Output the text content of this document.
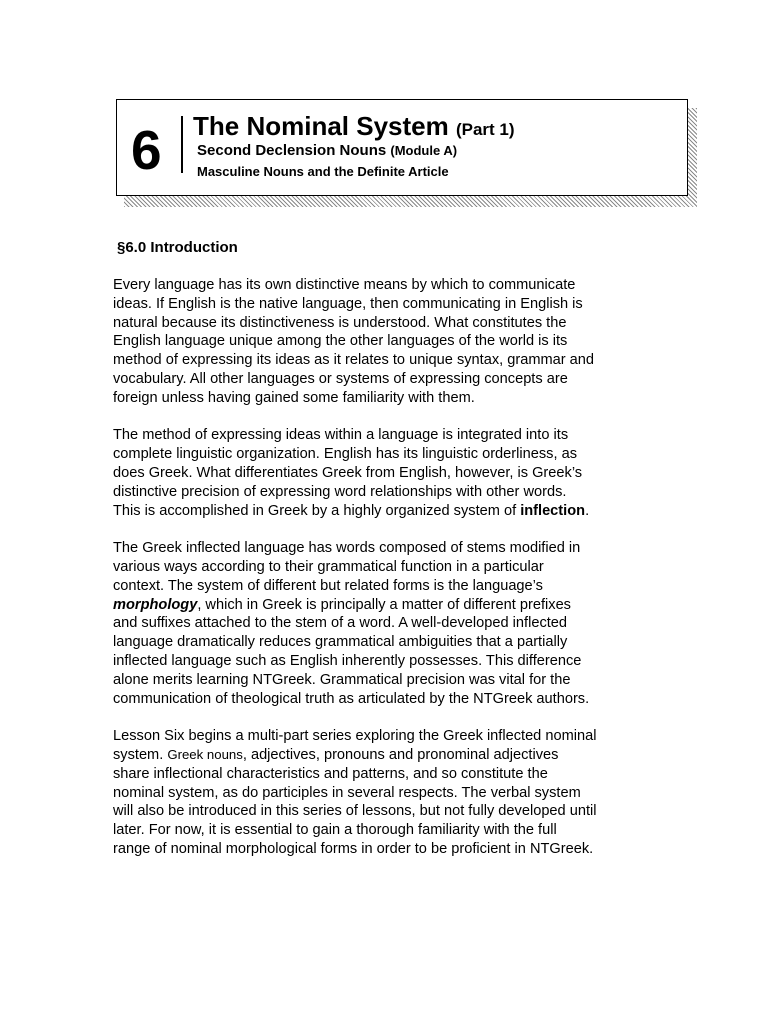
6 The Nominal System (Part 1)
Second Declension Nouns (Module A)
Masculine Nouns and the Definite Article
§6.0 Introduction

Every language has its own distinctive means by which to communicate
ideas. If English is the native language, then communicating in English is
natural because its distinctiveness is understood. What constitutes the
English language unique among the other languages of the world is its
method of expressing its ideas as it relates to unique syntax, grammar and
vocabulary. All other languages or systems of expressing concepts are
foreign unless having gained some familiarity with them.

The method of expressing ideas within a language is integrated into its
complete linguistic organization. English has its linguistic orderliness, as
does Greek. What differentiates Greek from English, however, is Greek’s
distinctive precision of expressing word relationships with other words.
This is accomplished in Greek by a highly organized system of inflection.

The Greek inflected language has words composed of stems modified in
various ways according to their grammatical function in a particular
context. The system of different but related forms is the language’s
morphology, which in Greek is principally a matter of different prefixes
and suffixes attached to the stem of a word. A well-developed inflected
language dramatically reduces grammatical ambiguities that a partially
inflected language such as English inherently possesses. This difference
alone merits learning NTGreek. Grammatical precision was vital for the
communication of theological truth as articulated by the NTGreek authors.

Lesson Six begins a multi-part series exploring the Greek inflected nominal
system. Greek nouns, adjectives, pronouns and pronominal adjectives
share inflectional characteristics and patterns, and so constitute the
nominal system, as do participles in several respects. The verbal system
will also be introduced in this series of lessons, but not fully developed until
later. For now, it is essential to gain a thorough familiarity with the full
range of nominal morphological forms in order to be proficient in NTGreek.
